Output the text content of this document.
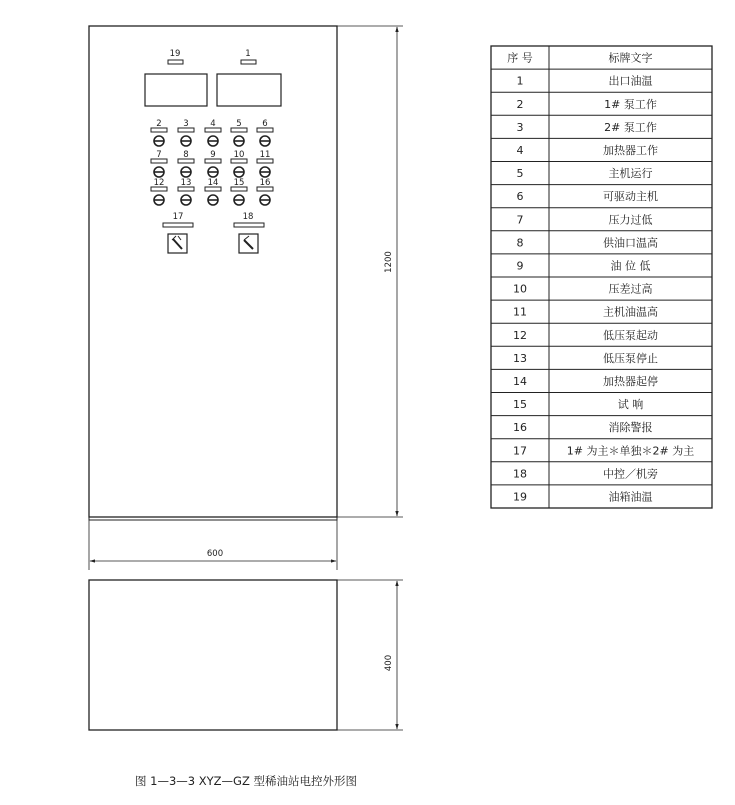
19	1
2	3	4 5 6
7	8	9 10 11
12 13 14 15 16
17	18
1200
600
400
序 号	标牌文字
1	出口油温
2	1# 泵工作
3	2# 泵工作
4	加热器工作
5	主机运行
6	可驱动主机
7	压力过低
8	供油口温高
9	油 位 低
10	压差过高
11	主机油温高
12	低压泵起动
13	低压泵停止
14	加热器起停
15	试 响
16	消除警报
17	1# 为主＊单独＊2# 为主
18	中控／机旁
19	油箱油温
图 1—3—3 XYZ—GZ 型稀油站电控外形图
